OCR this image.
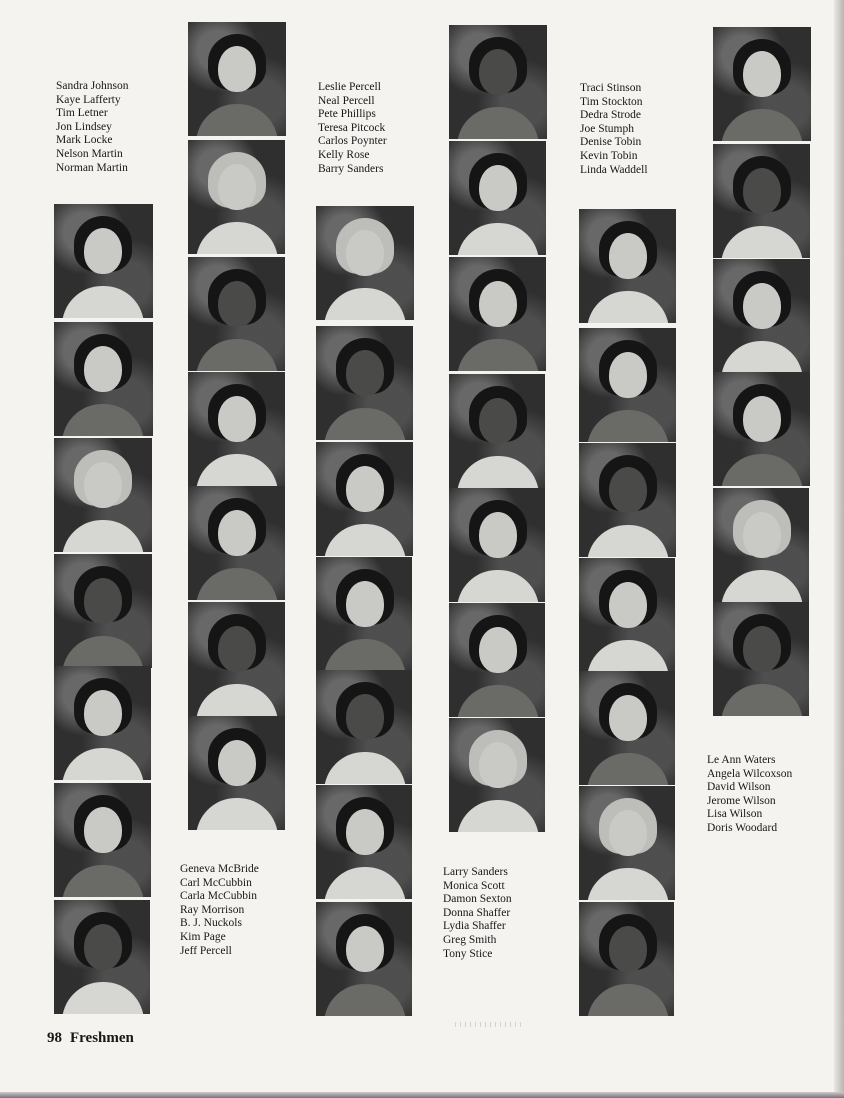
Sandra Johnson
Kaye Lafferty
Tim Letner
Jon Lindsey
Mark Locke
Nelson Martin
Norman Martin
Leslie Percell
Neal Percell
Pete Phillips
Teresa Pitcock
Carlos Poynter
Kelly Rose
Barry Sanders
Traci Stinson
Tim Stockton
Dedra Strode
Joe Stumph
Denise Tobin
Kevin Tobin
Linda Waddell
Geneva McBride
Carl McCubbin
Carla McCubbin
Ray Morrison
B. J. Nuckols
Kim Page
Jeff Percell
Larry Sanders
Monica Scott
Damon Sexton
Donna Shaffer
Lydia Shaffer
Greg Smith
Tony Stice
Le Ann Waters
Angela Wilcoxson
David Wilson
Jerome Wilson
Lisa Wilson
Doris Woodard
98 Freshmen
